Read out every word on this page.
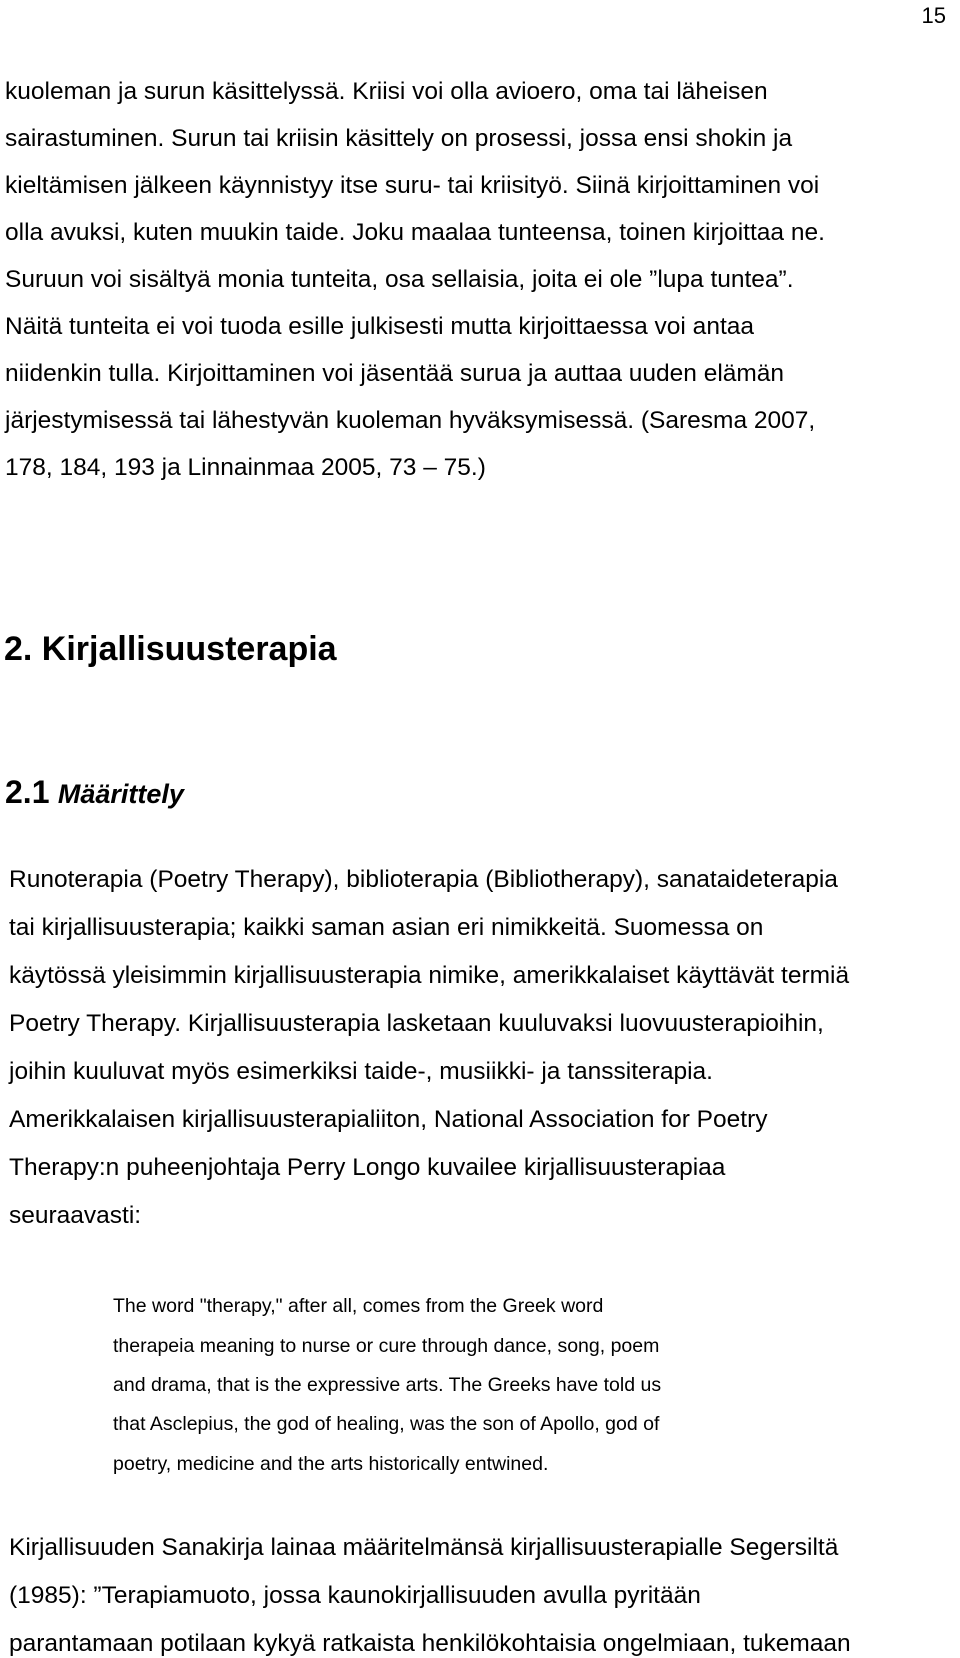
15
kuoleman ja surun käsittelyssä. Kriisi voi olla avioero, oma tai läheisen
sairastuminen. Surun tai kriisin käsittely on prosessi, jossa ensi shokin ja
kieltämisen jälkeen käynnistyy itse suru- tai kriisityö. Siinä kirjoittaminen voi
olla avuksi, kuten muukin taide. Joku maalaa tunteensa, toinen kirjoittaa ne.
Suruun voi sisältyä monia tunteita, osa sellaisia, joita ei ole ”lupa tuntea”.
Näitä tunteita ei voi tuoda esille julkisesti mutta kirjoittaessa voi antaa
niidenkin tulla. Kirjoittaminen voi jäsentää surua ja auttaa uuden elämän
järjestymisessä tai lähestyvän kuoleman hyväksymisessä. (Saresma 2007,
178, 184, 193 ja Linnainmaa 2005, 73 – 75.)
2. Kirjallisuusterapia
2.1 Määrittely
Runoterapia (Poetry Therapy), biblioterapia (Bibliotherapy), sanataideterapia
tai kirjallisuusterapia; kaikki saman asian eri nimikkeitä. Suomessa on
käytössä yleisimmin kirjallisuusterapia nimike, amerikkalaiset käyttävät termiä
Poetry Therapy. Kirjallisuusterapia lasketaan kuuluvaksi luovuusterapioihin,
joihin kuuluvat myös esimerkiksi taide-, musiikki- ja tanssiterapia.
Amerikkalaisen kirjallisuusterapialiiton, National Association for Poetry
Therapy:n puheenjohtaja Perry Longo kuvailee kirjallisuusterapiaa
seuraavasti:
The word "therapy," after all, comes from the Greek word
therapeia meaning to nurse or cure through dance, song, poem
and drama, that is the expressive arts. The Greeks have told us
that Asclepius, the god of healing, was the son of Apollo, god of
poetry, medicine and the arts historically entwined.
Kirjallisuuden Sanakirja lainaa määritelmänsä kirjallisuusterapialle Segersiltä
(1985): ”Terapiamuoto, jossa kaunokirjallisuuden avulla pyritään
parantamaan potilaan kykyä ratkaista henkilökohtaisia ongelmiaan, tukemaan
